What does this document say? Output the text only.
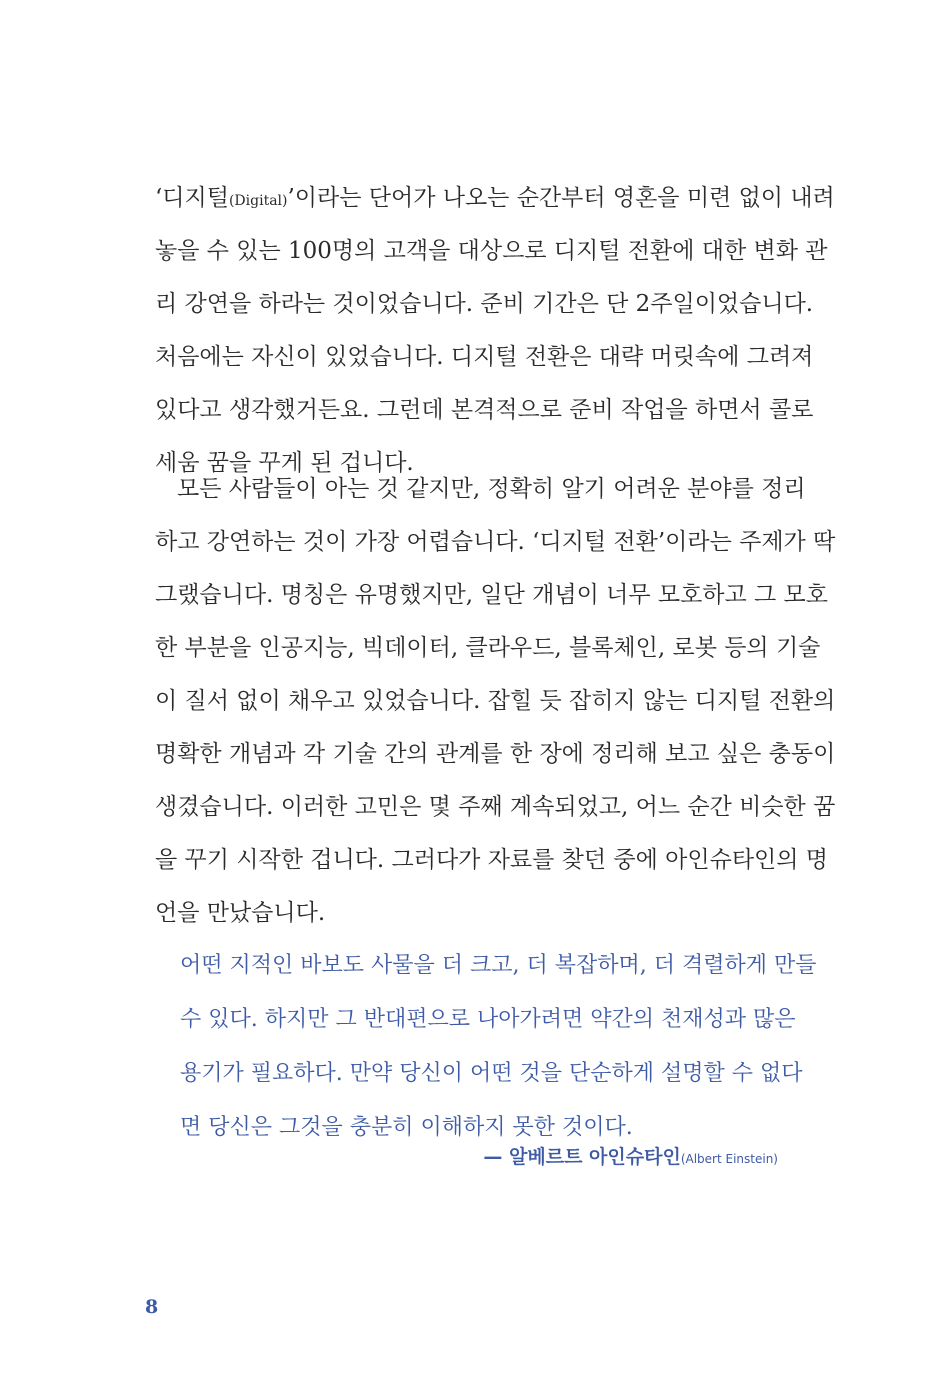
‘디지털(Digital)’이라는 단어가 나오는 순간부터 영혼을 미련 없이 내려
놓을 수 있는 100명의 고객을 대상으로 디지털 전환에 대한 변화 관
리 강연을 하라는 것이었습니다. 준비 기간은 단 2주일이었습니다.
처음에는 자신이 있었습니다. 디지털 전환은 대략 머릿속에 그려져
있다고 생각했거든요. 그런데 본격적으로 준비 작업을 하면서 콜로
세움 꿈을 꾸게 된 겁니다.
모든 사람들이 아는 것 같지만, 정확히 알기 어려운 분야를 정리
하고 강연하는 것이 가장 어렵습니다. ‘디지털 전환’이라는 주제가 딱
그랬습니다. 명칭은 유명했지만, 일단 개념이 너무 모호하고 그 모호
한 부분을 인공지능, 빅데이터, 클라우드, 블록체인, 로봇 등의 기술
이 질서 없이 채우고 있었습니다. 잡힐 듯 잡히지 않는 디지털 전환의
명확한 개념과 각 기술 간의 관계를 한 장에 정리해 보고 싶은 충동이
생겼습니다. 이러한 고민은 몇 주째 계속되었고, 어느 순간 비슷한 꿈
을 꾸기 시작한 겁니다. 그러다가 자료를 찾던 중에 아인슈타인의 명
언을 만났습니다.
어떤 지적인 바보도 사물을 더 크고, 더 복잡하며, 더 격렬하게 만들
수 있다. 하지만 그 반대편으로 나아가려면 약간의 천재성과 많은
용기가 필요하다. 만약 당신이 어떤 것을 단순하게 설명할 수 없다
면 당신은 그것을 충분히 이해하지 못한 것이다.
— 알베르트 아인슈타인(Albert Einstein)
8
